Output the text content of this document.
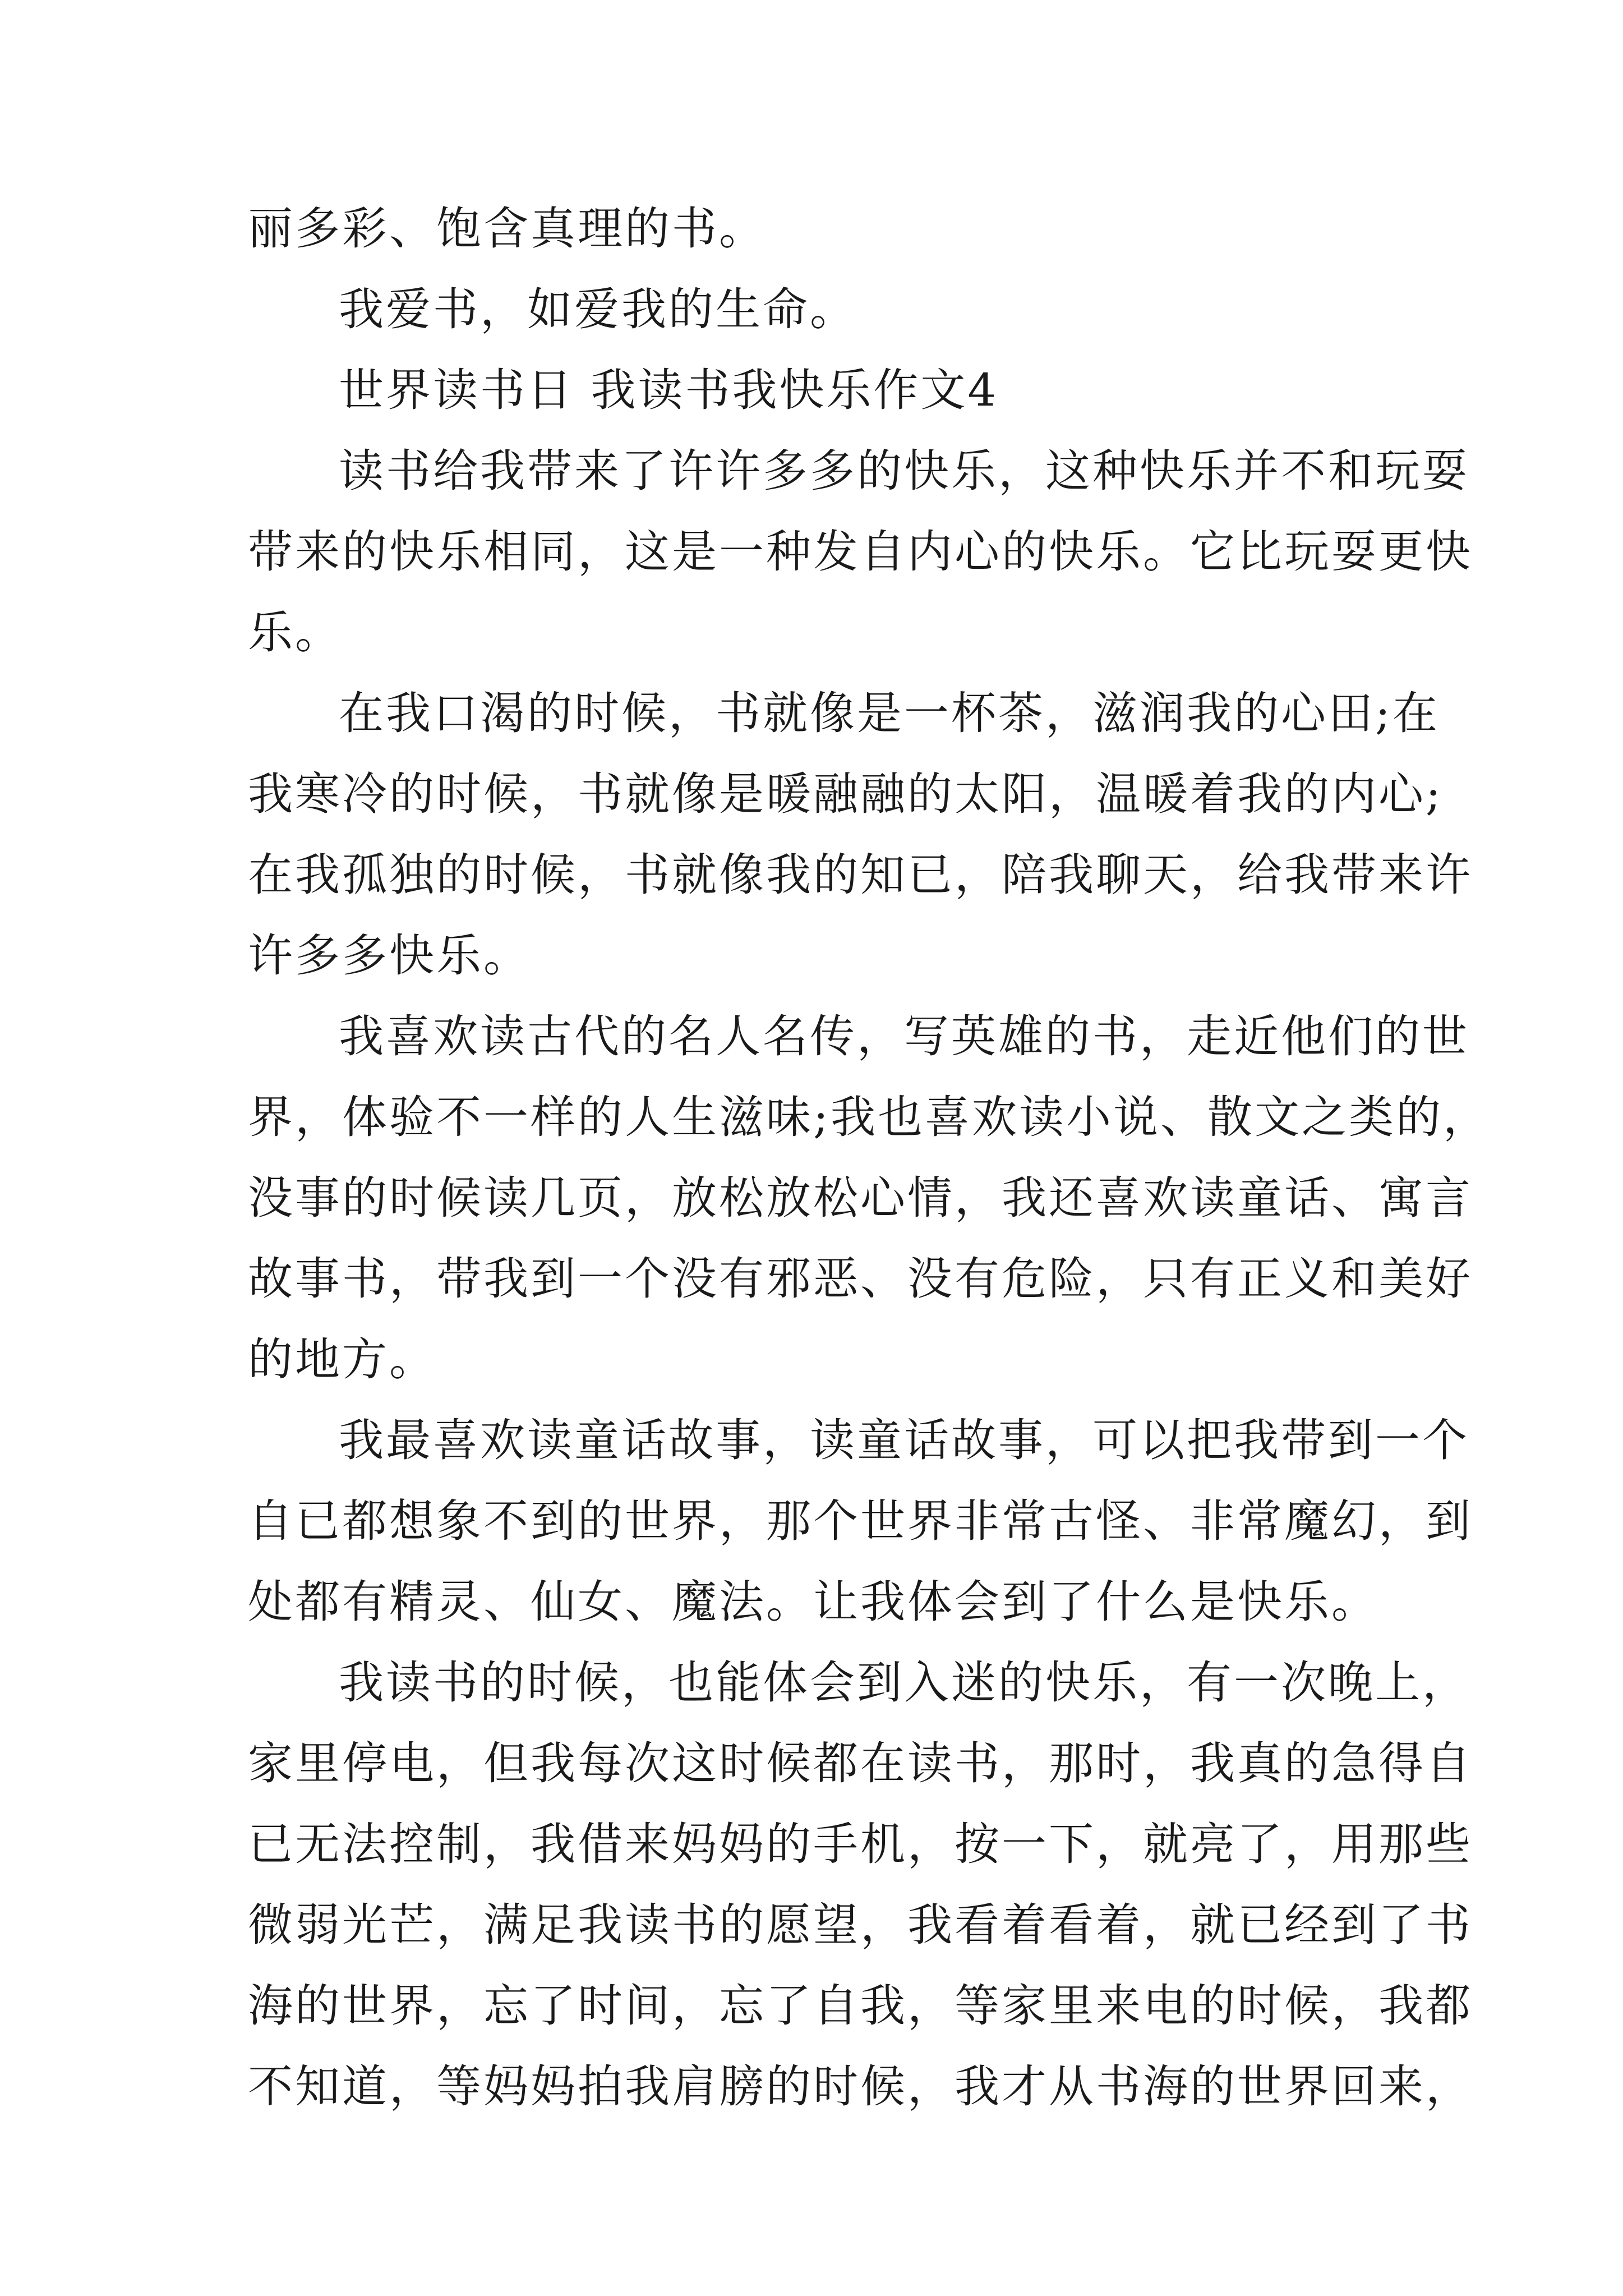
丽多彩、饱含真理的书。
我爱书，如爱我的生命。
世界读书日 我读书我快乐作文4
读书给我带来了许许多多的快乐，这种快乐并不和玩耍
带来的快乐相同，这是一种发自内心的快乐。它比玩耍更快
乐。
在我口渴的时候，书就像是一杯茶，滋润我的心田;在
我寒冷的时候，书就像是暖融融的太阳，温暖着我的内心;
在我孤独的时候，书就像我的知已，陪我聊天，给我带来许
许多多快乐。
我喜欢读古代的名人名传，写英雄的书，走近他们的世
界，体验不一样的人生滋味;我也喜欢读小说、散文之类的，
没事的时候读几页，放松放松心情，我还喜欢读童话、寓言
故事书，带我到一个没有邪恶、没有危险，只有正义和美好
的地方。
我最喜欢读童话故事，读童话故事，可以把我带到一个
自已都想象不到的世界，那个世界非常古怪、非常魔幻，到
处都有精灵、仙女、魔法。让我体会到了什么是快乐。
我读书的时候，也能体会到入迷的快乐，有一次晚上，
家里停电，但我每次这时候都在读书，那时，我真的急得自
已无法控制，我借来妈妈的手机，按一下，就亮了，用那些
微弱光芒，满足我读书的愿望，我看着看着，就已经到了书
海的世界，忘了时间，忘了自我，等家里来电的时候，我都
不知道，等妈妈拍我肩膀的时候，我才从书海的世界回来，
